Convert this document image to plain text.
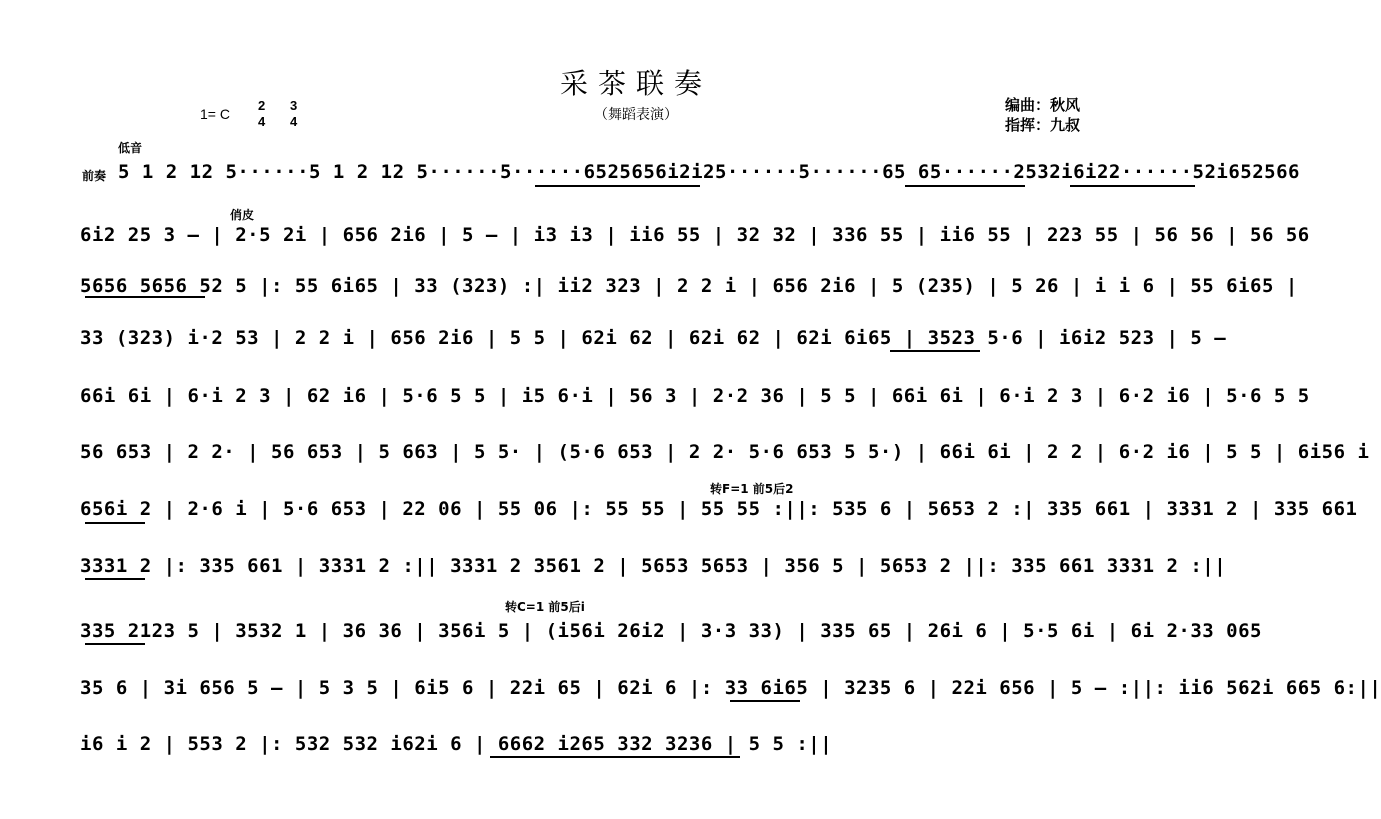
采茶联奏
（舞蹈表演）
1= C
2
4
3
4
编曲：秋风
指挥：九叔
低音
前奏
俏皮
转F=1 前5后2
转C=1 前5后i
5 1 2 12 5······5 1 2 12 5······5······6525656i2i25······5······65 65······2532i6i22······52i652566
6i2 25 3 – | 2·5 2i | 656 2i6 | 5 – | i3 i3 | ii6 55 | 32 32 | 336 55 | ii6 55 | 223 55 | 56 56 | 56 56
5656 5656 52 5 |: 55 6i65 | 33 (323) :| ii2 323 | 2 2 i | 656 2i6 | 5 (235) | 5 26 | i i 6 | 55 6i65 |
33 (323) i·2 53 | 2 2 i | 656 2i6 | 5 5 | 62i 62 | 62i 62 | 62i 6i65 | 3523 5·6 | i6i2 523 | 5 –
66i 6i | 6·i 2 3 | 62 i6 | 5·6 5 5 | i5 6·i | 56 3 | 2·2 36 | 5 5 | 66i 6i | 6·i 2 3 | 6·2 i6 | 5·6 5 5
56 653 | 2 2· | 56 653 | 5 663 | 5 5· | (5·6 653 | 2 2· 5·6 653 5 5·) | 66i 6i | 2 2 | 6·2 i6 | 5 5 | 6i56 i
656i 2 | 2·6 i | 5·6 653 | 22 06 | 55 06 |: 55 55 | 55 55 :||: 535 6 | 5653 2 :| 335 661 | 3331 2 | 335 661
3331 2 |: 335 661 | 3331 2 :|| 3331 2 3561 2 | 5653 5653 | 356 5 | 5653 2 ||: 335 661 3331 2 :||
335 2123 5 | 3532 1 | 36 36 | 356i 5 | (i56i 26i2 | 3·3 33) | 335 65 | 26i 6 | 5·5 6i | 6i 2·33 065
35 6 | 3i 656 5 – | 5 3 5 | 6i5 6 | 22i 65 | 62i 6 |: 33 6i65 | 3235 6 | 22i 656 | 5 – :||: ii6 562i 665 6:||
i6 i 2 | 553 2 |: 532 532 i62i 6 | 6662 i265 332 3236 | 5 5 :||
